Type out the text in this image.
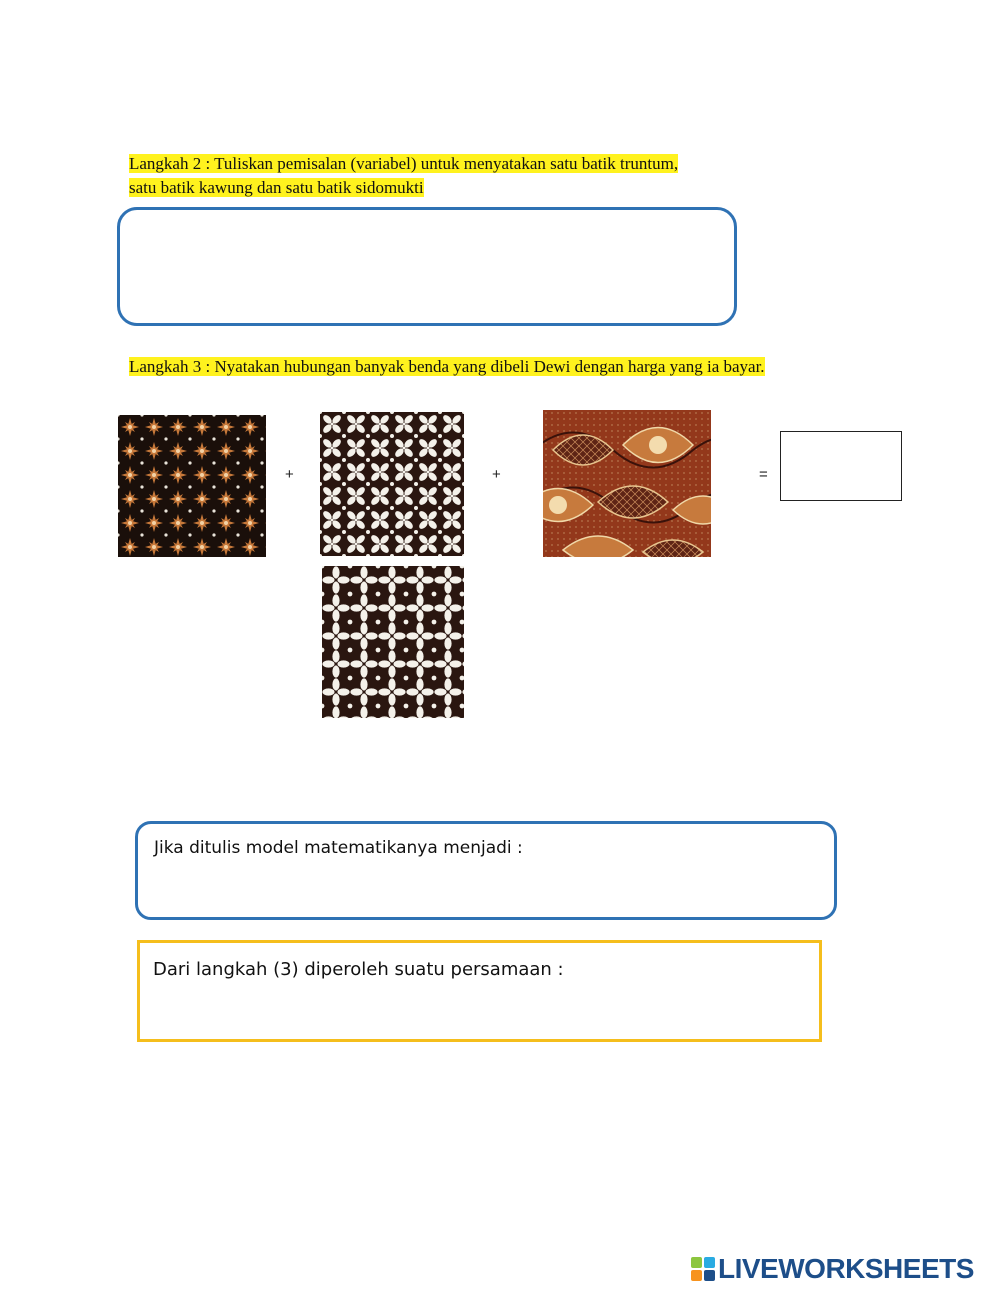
Langkah 2 : Tuliskan pemisalan (variabel) untuk menyatakan satu batik truntum,
satu batik kawung dan satu batik sidomukti
Langkah 3 : Nyatakan hubungan banyak benda yang dibeli Dewi dengan harga yang ia bayar.
+	+	=
Jika ditulis model matematikanya menjadi :
Dari langkah (3) diperoleh suatu persamaan :
LIVEWORKSHEETS
